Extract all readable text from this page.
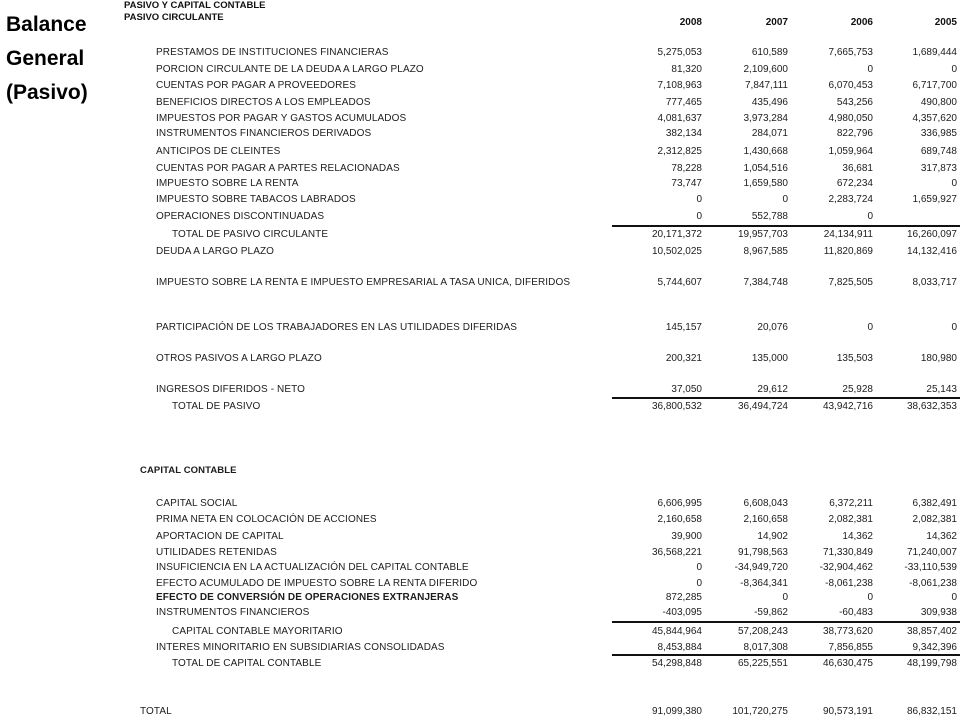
Balance
General
(Pasivo)
PASIVO Y CAPITAL CONTABLE
PASIVO CIRCULANTE	2008	2007	2006	2005
PRESTAMOS DE INSTITUCIONES FINANCIERAS	5,275,053	610,589	7,665,753	1,689,444
PORCION CIRCULANTE DE LA DEUDA A LARGO PLAZO	81,320	2,109,600	0	0
CUENTAS POR PAGAR A PROVEEDORES	7,108,963	7,847,111	6,070,453	6,717,700
BENEFICIOS DIRECTOS A LOS EMPLEADOS	777,465	435,496	543,256	490,800
IMPUESTOS POR PAGAR Y GASTOS ACUMULADOS	4,081,637	3,973,284	4,980,050	4,357,620
INSTRUMENTOS FINANCIEROS DERIVADOS	382,134	284,071	822,796	336,985
ANTICIPOS DE CLEINTES	2,312,825	1,430,668	1,059,964	689,748
CUENTAS POR PAGAR A PARTES RELACIONADAS	78,228	1,054,516	36,681	317,873
IMPUESTO SOBRE LA RENTA	73,747	1,659,580	672,234	0
IMPUESTO SOBRE TABACOS LABRADOS	0	0	2,283,724	1,659,927
OPERACIONES DISCONTINUADAS	0	552,788	0
TOTAL DE PASIVO CIRCULANTE	20,171,372	19,957,703	24,134,911	16,260,097
DEUDA A LARGO PLAZO	10,502,025	8,967,585	11,820,869	14,132,416
IMPUESTO SOBRE LA RENTA E IMPUESTO EMPRESARIAL A TASA UNICA, DIFERIDOS	5,744,607	7,384,748	7,825,505	8,033,717
PARTICIPACIÓN DE LOS TRABAJADORES EN LAS UTILIDADES DIFERIDAS	145,157	20,076	0	0
OTROS PASIVOS A LARGO PLAZO	200,321	135,000	135,503	180,980
INGRESOS DIFERIDOS - NETO	37,050	29,612	25,928	25,143
TOTAL DE PASIVO	36,800,532	36,494,724	43,942,716	38,632,353
CAPITAL CONTABLE
CAPITAL SOCIAL	6,606,995	6,608,043	6,372,211	6,382,491
PRIMA NETA EN COLOCACIÓN DE ACCIONES	2,160,658	2,160,658	2,082,381	2,082,381
APORTACION DE CAPITAL	39,900	14,902	14,362	14,362
UTILIDADES RETENIDAS	36,568,221	91,798,563	71,330,849	71,240,007
INSUFICIENCIA EN LA ACTUALIZACIÓN DEL CAPITAL CONTABLE	0	-34,949,720	-32,904,462	-33,110,539
EFECTO ACUMULADO DE IMPUESTO SOBRE LA RENTA DIFERIDO	0	-8,364,341	-8,061,238	-8,061,238
EFECTO DE CONVERSIÓN DE OPERACIONES EXTRANJERAS	872,285	0	0	0
INSTRUMENTOS FINANCIEROS	-403,095	-59,862	-60,483	309,938
CAPITAL CONTABLE MAYORITARIO	45,844,964	57,208,243	38,773,620	38,857,402
INTERES MINORITARIO EN SUBSIDIARIAS CONSOLIDADAS	8,453,884	8,017,308	7,856,855	9,342,396
TOTAL DE CAPITAL CONTABLE	54,298,848	65,225,551	46,630,475	48,199,798
TOTAL	91,099,380	101,720,275	90,573,191	86,832,151
